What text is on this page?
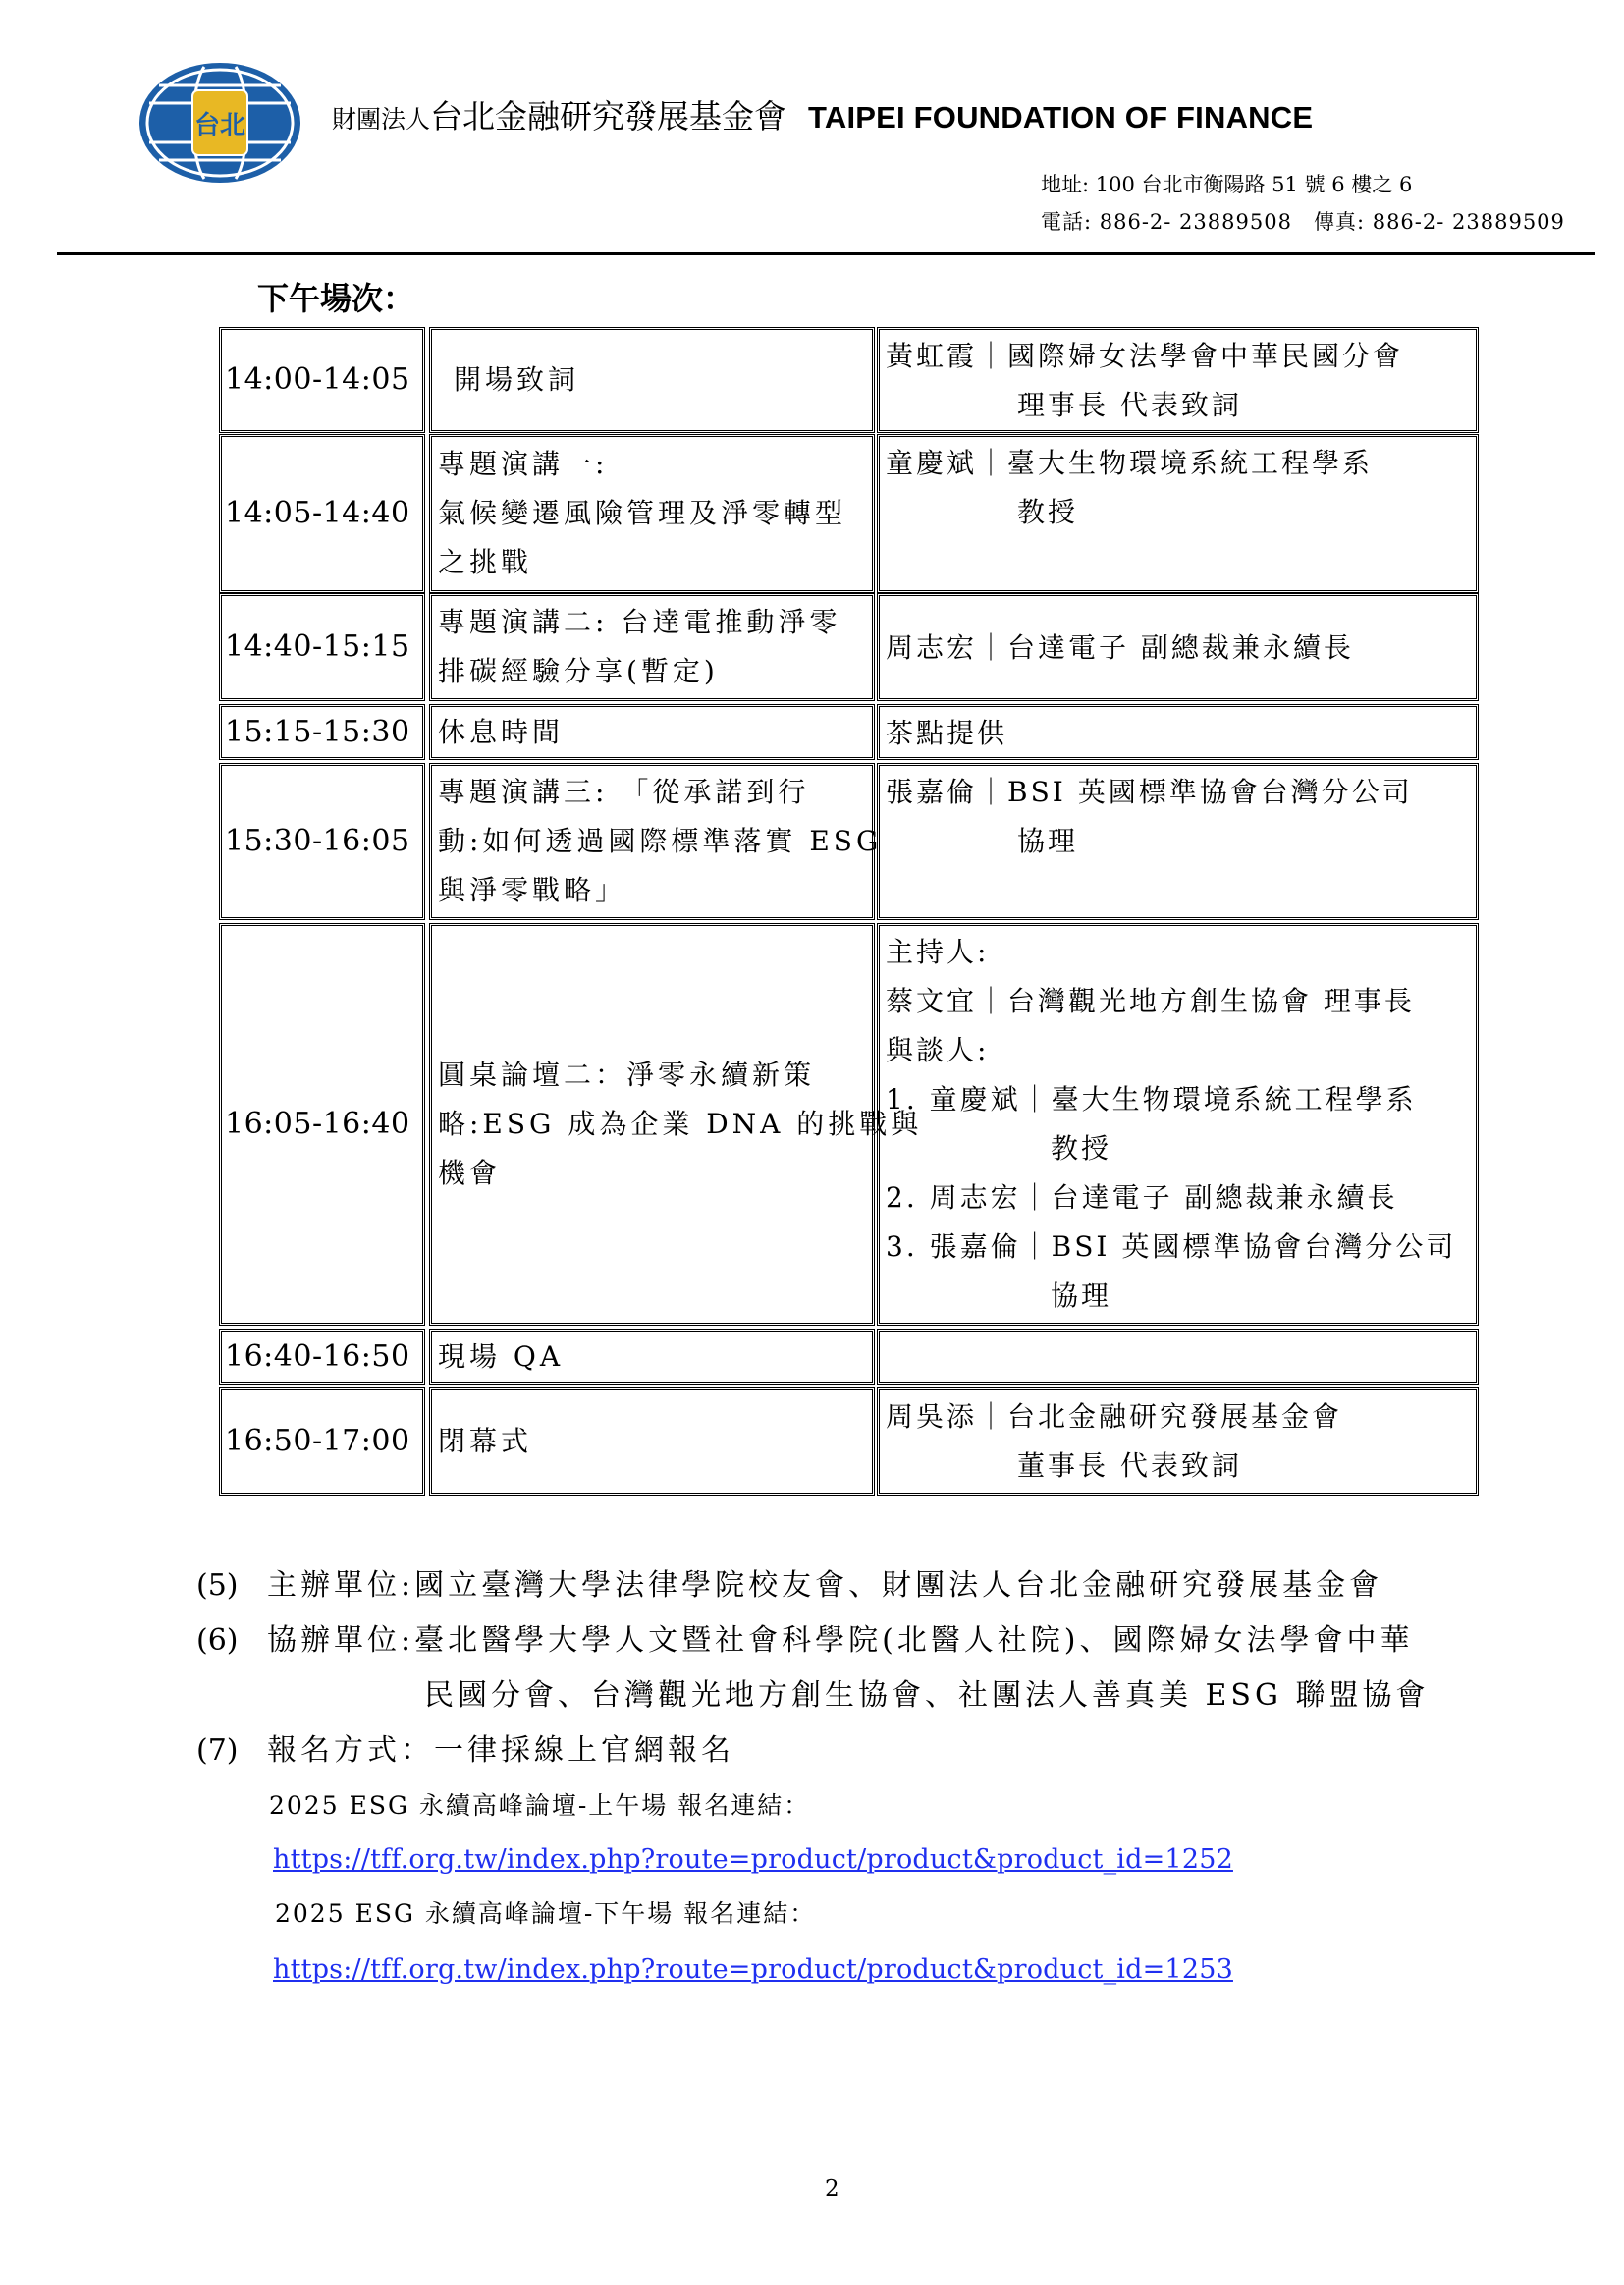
台北	財團法人台北金融研究發展基金會 TAIPEI FOUNDATION OF FINANCE
地址: 100 台北市衡陽路 51 號 6 樓之 6
電話: 886-2- 23889508 傳真: 886-2- 23889509
下午場次：
14:00-14:05 開場致詞
黃虹霞｜國際婦女法學會中華民國分會
理事長 代表致詞
14:05-14:40
專題演講一:
氣候變遷風險管理及淨零轉型
之挑戰
童慶斌｜臺大生物環境系統工程學系
教授
14:40-15:15
專題演講二: 台達電推動淨零
排碳經驗分享(暫定)
周志宏｜台達電子 副總裁兼永續長
15:15-15:30 休息時間	茶點提供
15:30-16:05
專題演講三: 「從承諾到行
動:如何透過國際標準落實 ESG
與淨零戰略」
張嘉倫｜BSI 英國標準協會台灣分公司
協理
16:05-16:40
圓桌論壇二：淨零永續新策
略:ESG 成為企業 DNA 的挑戰與
機會
主持人:
蔡文宜｜台灣觀光地方創生協會 理事長
與談人:
1. 童慶斌｜臺大生物環境系統工程學系
教授
2. 周志宏｜台達電子 副總裁兼永續長
3. 張嘉倫｜BSI 英國標準協會台灣分公司
協理
16:40-16:50 現場 QA
16:50-17:00 閉幕式
周吳添｜台北金融研究發展基金會
董事長 代表致詞
(5) 主辦單位:國立臺灣大學法律學院校友會、財團法人台北金融研究發展基金會
(6) 協辦單位:臺北醫學大學人文暨社會科學院(北醫人社院)、國際婦女法學會中華
民國分會、台灣觀光地方創生協會、社團法人善真美 ESG 聯盟協會
(7) 報名方式：一律採線上官網報名
2025 ESG 永續高峰論壇-上午場 報名連結：
https://tff.org.tw/index.php?route=product/product&product_id=1252
2025 ESG 永續高峰論壇-下午場 報名連結：
https://tff.org.tw/index.php?route=product/product&product_id=1253
2
